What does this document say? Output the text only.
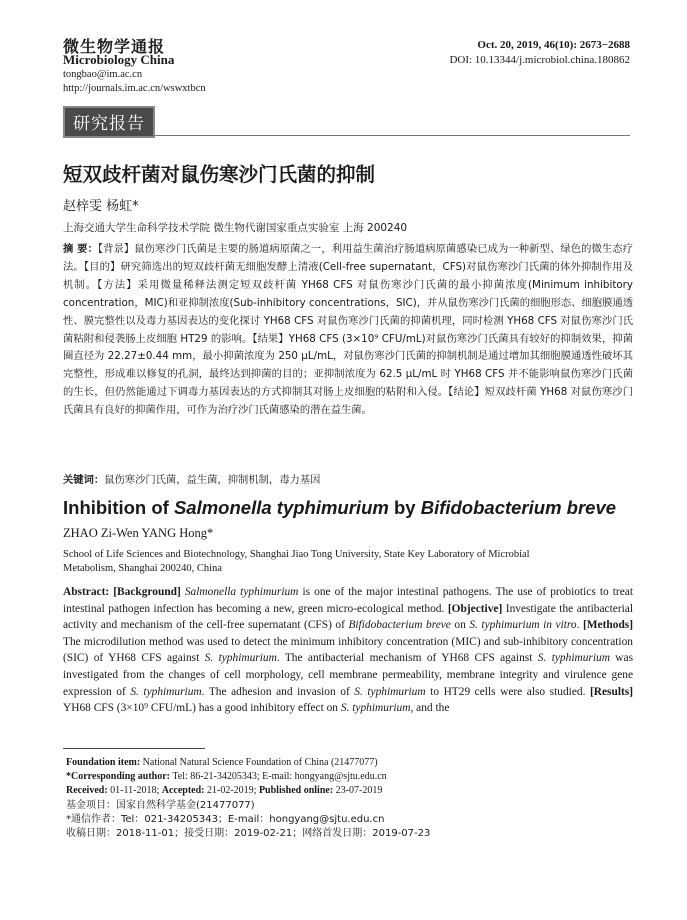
微生物学通报
Microbiology China
tongbao@im.ac.cn
http://journals.im.ac.cn/wswxtbcn
Oct. 20, 2019, 46(10): 2673−2688
DOI: 10.13344/j.microbiol.china.180862
研究报告
短双歧杆菌对鼠伤寒沙门氏菌的抑制
赵梓雯 杨虹*
上海交通大学生命科学技术学院 微生物代谢国家重点实验室 上海 200240
摘 要：【背景】鼠伤寒沙门氏菌是主要的肠道病原菌之一，利用益生菌治疗肠道病原菌感染已成为一种新型、绿色的微生态疗法。【目的】研究筛选出的短双歧杆菌无细胞发酵上清液(Cell-free supernatant，CFS)对鼠伤寒沙门氏菌的体外抑制作用及机制。【方法】采用微量稀释法测定短双歧杆菌 YH68 CFS 对鼠伤寒沙门氏菌的最小抑菌浓度(Minimum inhibitory concentration，MIC)和亚抑制浓度(Sub-inhibitory concentrations，SIC)，并从鼠伤寒沙门氏菌的细胞形态、细胞膜通透性、膜完整性以及毒力基因表达的变化探讨 YH68 CFS 对鼠伤寒沙门氏菌的抑菌机理，同时检测 YH68 CFS 对鼠伤寒沙门氏菌粘附和侵袭肠上皮细胞 HT29 的影响。【结果】YH68 CFS (3×10⁹ CFU/mL)对鼠伤寒沙门氏菌具有较好的抑制效果，抑菌圈直径为 22.27±0.44 mm，最小抑菌浓度为 250 μL/mL，对鼠伤寒沙门氏菌的抑制机制是通过增加其细胞膜通透性破坏其完整性，形成难以修复的孔洞，最终达到抑菌的目的；亚抑制浓度为 62.5 μL/mL 时 YH68 CFS 并不能影响鼠伤寒沙门氏菌的生长，但仍然能通过下调毒力基因表达的方式抑制其对肠上皮细胞的粘附和入侵。【结论】短双歧杆菌 YH68 对鼠伤寒沙门氏菌具有良好的抑菌作用，可作为治疗沙门氏菌感染的潜在益生菌。
关键词：鼠伤寒沙门氏菌，益生菌，抑制机制，毒力基因
Inhibition of Salmonella typhimurium by Bifidobacterium breve
ZHAO Zi-Wen YANG Hong*
School of Life Sciences and Biotechnology, Shanghai Jiao Tong University, State Key Laboratory of Microbial Metabolism, Shanghai 200240, China
Abstract: [Background] Salmonella typhimurium is one of the major intestinal pathogens. The use of probiotics to treat intestinal pathogen infection has becoming a new, green micro-ecological method. [Objective] Investigate the antibacterial activity and mechanism of the cell-free supernatant (CFS) of Bifidobacterium breve on S. typhimurium in vitro. [Methods] The microdilution method was used to detect the minimum inhibitory concentration (MIC) and sub-inhibitory concentration (SIC) of YH68 CFS against S. typhimurium. The antibacterial mechanism of YH68 CFS against S. typhimurium was investigated from the changes of cell morphology, cell membrane permeability, membrane integrity and virulence gene expression of S. typhimurium. The adhesion and invasion of S. typhimurium to HT29 cells were also studied. [Results] YH68 CFS (3×10⁹ CFU/mL) has a good inhibitory effect on S. typhimurium, and the
Foundation item: National Natural Science Foundation of China (21477077)
*Corresponding author: Tel: 86-21-34205343; E-mail: hongyang@sjtu.edu.cn
Received: 01-11-2018; Accepted: 21-02-2019; Published online: 23-07-2019
基金项目：国家自然科学基金(21477077)
*通信作者：Tel：021-34205343；E-mail：hongyang@sjtu.edu.cn
收稿日期：2018-11-01；接受日期：2019-02-21；网络首发日期：2019-07-23
